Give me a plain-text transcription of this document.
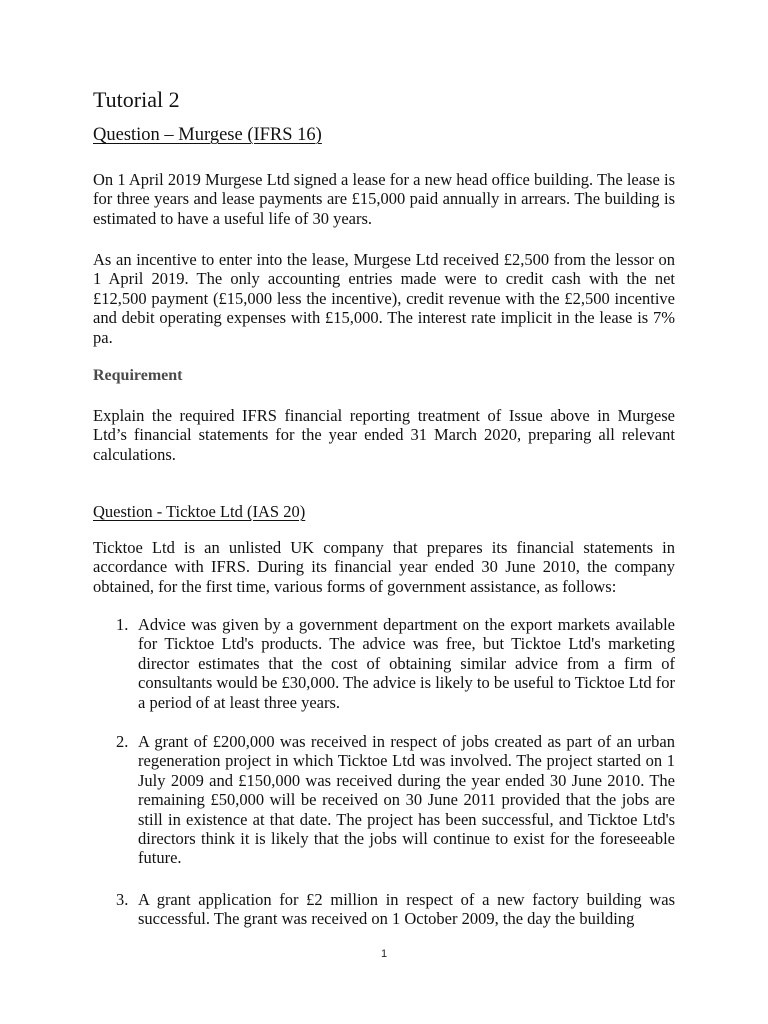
Tutorial 2
Question – Murgese (IFRS 16)

On 1 April 2019 Murgese Ltd signed a lease for a new head office building. The lease is for three years and lease payments are £15,000 paid annually in arrears. The building is estimated to have a useful life of 30 years.

As an incentive to enter into the lease, Murgese Ltd received £2,500 from the lessor on 1 April 2019. The only accounting entries made were to credit cash with the net £12,500 payment (£15,000 less the incentive), credit revenue with the £2,500 incentive and debit operating expenses with £15,000. The interest rate implicit in the lease is 7% pa.

Requirement

Explain the required IFRS financial reporting treatment of Issue above in Murgese Ltd’s financial statements for the year ended 31 March 2020, preparing all relevant calculations.

Question - Ticktoe Ltd (IAS 20)

Ticktoe Ltd is an unlisted UK company that prepares its financial statements in accordance with IFRS. During its financial year ended 30 June 2010, the company obtained, for the first time, various forms of government assistance, as follows:

1. Advice was given by a government department on the export markets available for Ticktoe Ltd's products. The advice was free, but Ticktoe Ltd's marketing director estimates that the cost of obtaining similar advice from a firm of consultants would be £30,000. The advice is likely to be useful to Ticktoe Ltd for a period of at least three years.

2. A grant of £200,000 was received in respect of jobs created as part of an urban regeneration project in which Ticktoe Ltd was involved. The project started on 1 July 2009 and £150,000 was received during the year ended 30 June 2010. The remaining £50,000 will be received on 30 June 2011 provided that the jobs are still in existence at that date. The project has been successful, and Ticktoe Ltd's directors think it is likely that the jobs will continue to exist for the foreseeable future.

3. A grant application for £2 million in respect of a new factory building was successful. The grant was received on 1 October 2009, the day the building

1
